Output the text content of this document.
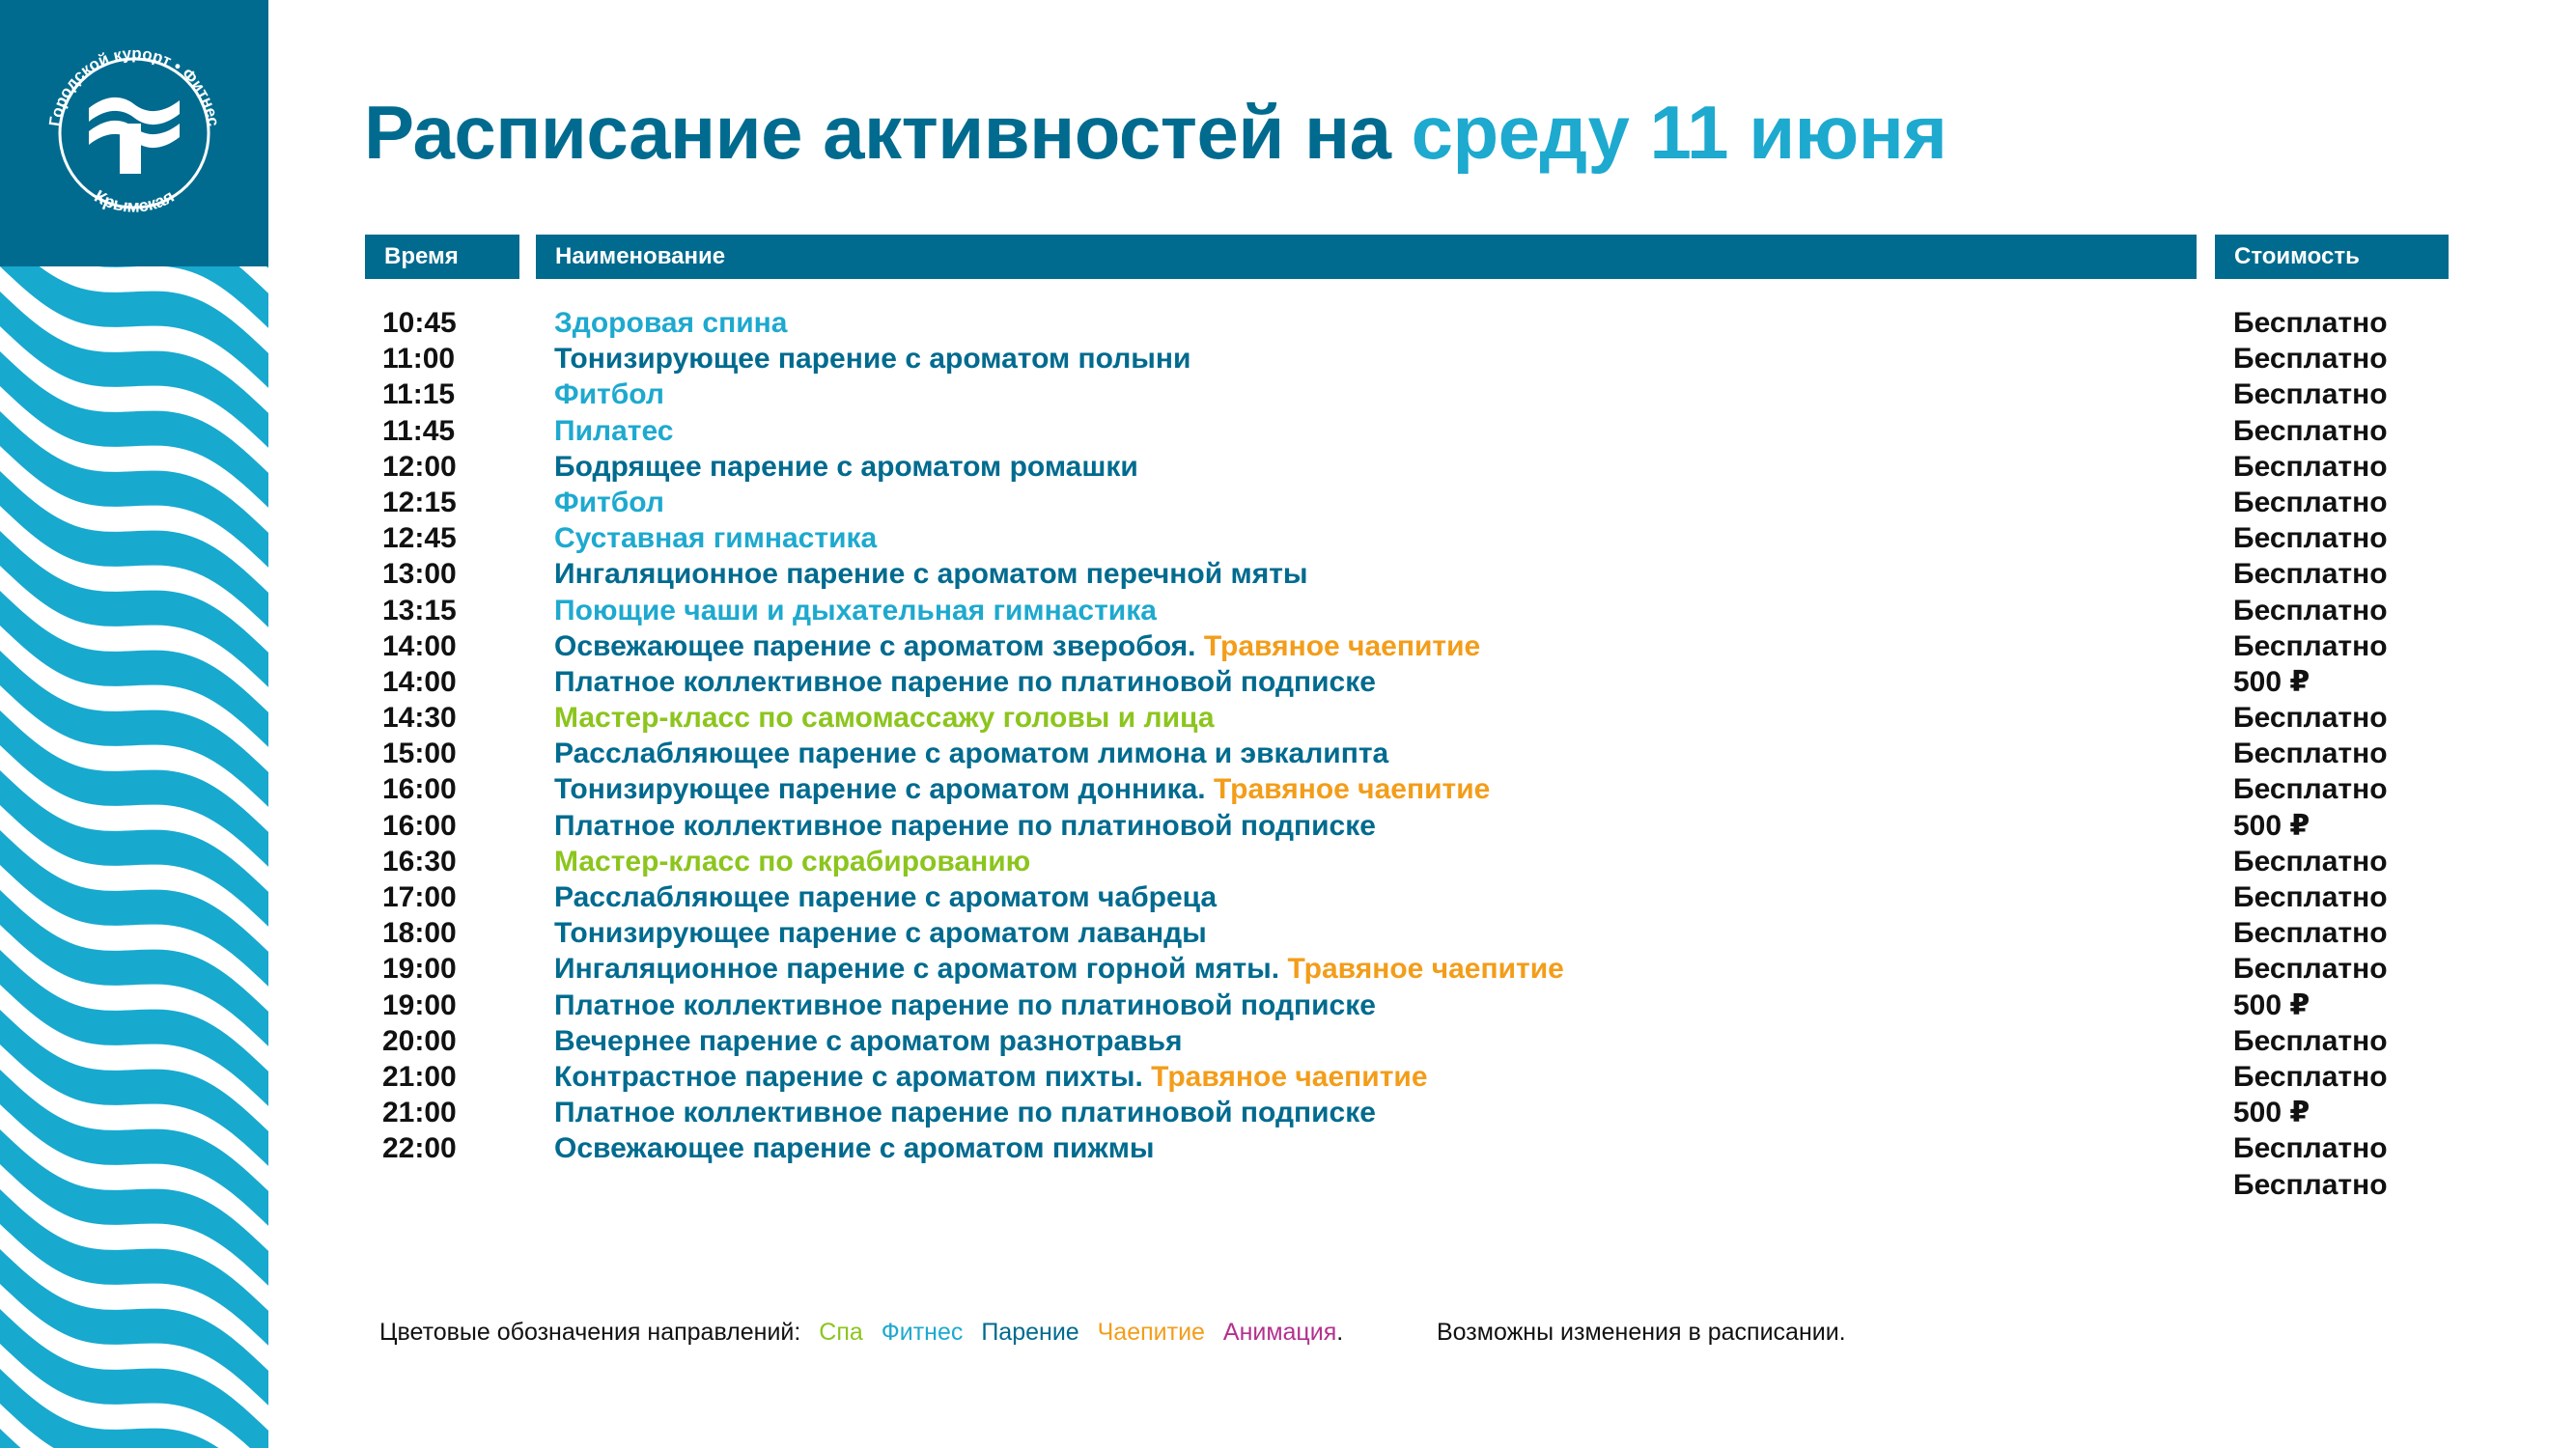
Городской курорт • Фитнес
Крымская
Расписание активностей на среду 11 июня
Время	Наименование	Стоимость
10:45	Здоровая спина	Бесплатно
11:00	Тонизирующее парение с ароматом полыни	Бесплатно
11:15	Фитбол	Бесплатно
11:45	Пилатес	Бесплатно
12:00	Бодрящее парение с ароматом ромашки	Бесплатно
12:15	Фитбол	Бесплатно
12:45	Суставная гимнастика	Бесплатно
13:00	Ингаляционное парение с ароматом перечной мяты	Бесплатно
13:15	Поющие чаши и дыхательная гимнастика	Бесплатно
14:00	Освежающее парение с ароматом зверобоя. Травяное чаепитие	Бесплатно
14:00	Платное коллективное парение по платиновой подписке	500 ₽
14:30	Мастер-класс по самомассажу головы и лица	Бесплатно
15:00	Расслабляющее парение с ароматом лимона и эвкалипта	Бесплатно
16:00	Тонизирующее парение с ароматом донника. Травяное чаепитие	Бесплатно
16:00	Платное коллективное парение по платиновой подписке	500 ₽
16:30	Мастер-класс по скрабированию	Бесплатно
17:00	Расслабляющее парение с ароматом чабреца	Бесплатно
18:00	Тонизирующее парение с ароматом лаванды	Бесплатно
19:00	Ингаляционное парение с ароматом горной мяты. Травяное чаепитие	Бесплатно
19:00	Платное коллективное парение по платиновой подписке	500 ₽
20:00	Вечернее парение с ароматом разнотравья	Бесплатно
21:00	Контрастное парение с ароматом пихты. Травяное чаепитие	Бесплатно
21:00	Платное коллективное парение по платиновой подписке	500 ₽
22:00	Освежающее парение с ароматом пижмы	Бесплатно
Бесплатно
Цветовые обозначения направлений: Спа Фитнес Парение Чаепитие Анимация.	Возможны изменения в расписании.
